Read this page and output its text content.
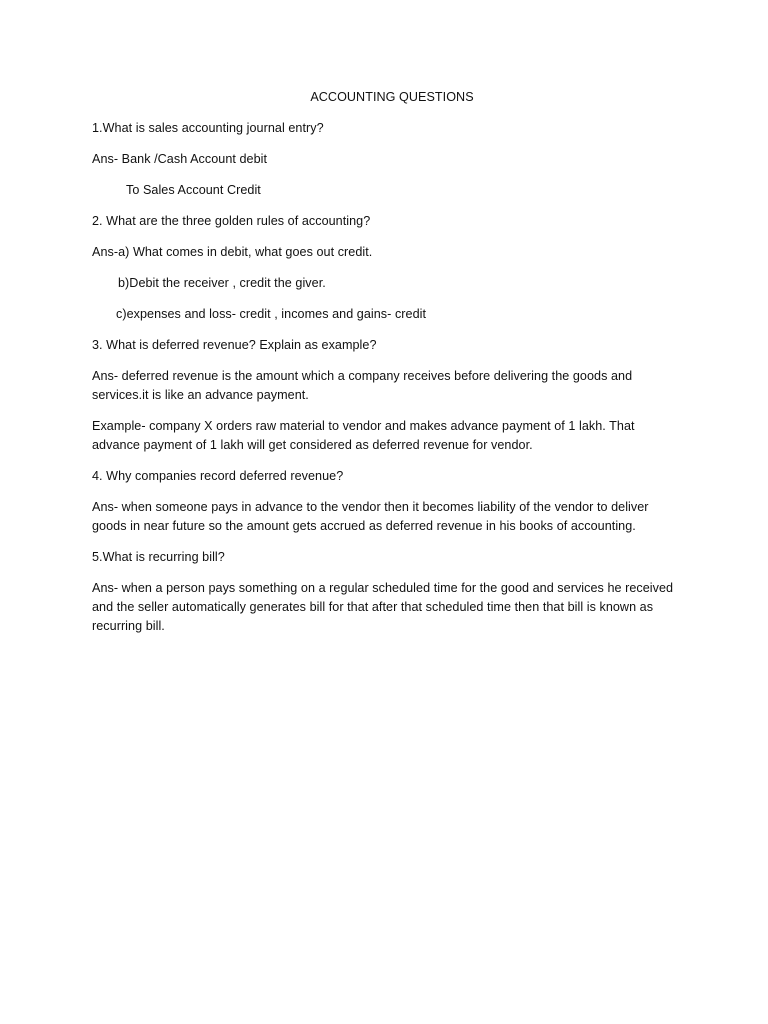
ACCOUNTING QUESTIONS
1.What is sales accounting journal entry?
Ans- Bank /Cash Account debit
To Sales Account Credit
2. What are the three golden rules of accounting?
Ans-a) What comes in debit, what goes out credit.
b)Debit the receiver , credit the giver.
c)expenses and loss- credit , incomes and gains- credit
3. What is deferred revenue? Explain as example?
Ans- deferred revenue is the amount which a company receives before delivering the goods and services.it is like an advance payment.
Example- company X orders raw material to vendor and makes advance payment of 1 lakh. That advance payment of 1 lakh will get considered as deferred revenue for vendor.
4. Why companies record deferred revenue?
Ans- when someone pays in advance to the vendor then it becomes liability of the vendor to deliver goods in near future so the amount gets accrued as deferred revenue in his books of accounting.
5.What is recurring bill?
Ans- when a person pays something on a regular scheduled time for the good and services he received and the seller automatically generates bill for that after that scheduled time then that bill is known as recurring bill.
